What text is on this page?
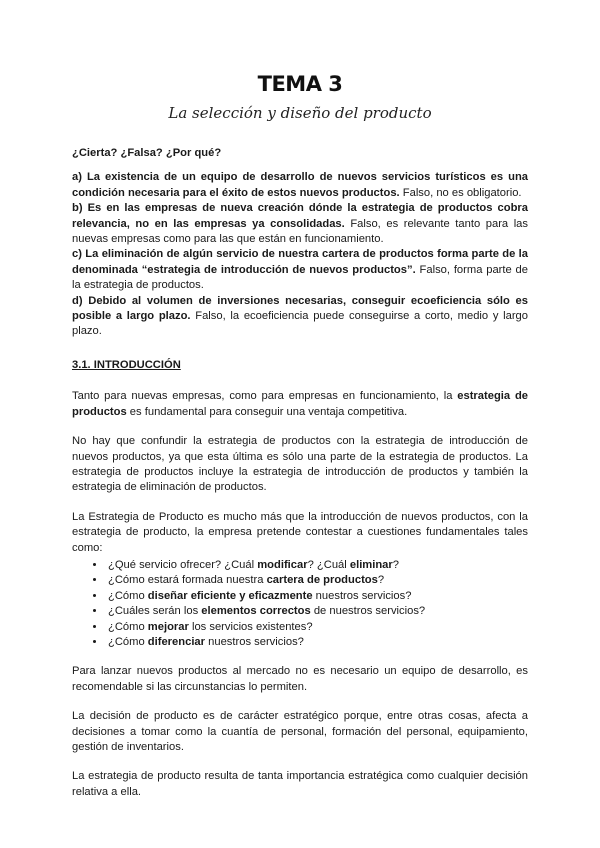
TEMA 3
La selección y diseño del producto

¿Cierta? ¿Falsa? ¿Por qué?

a) La existencia de un equipo de desarrollo de nuevos servicios turísticos es una condición necesaria para el éxito de estos nuevos productos. Falso, no es obligatorio.

b) Es en las empresas de nueva creación dónde la estrategia de productos cobra relevancia, no en las empresas ya consolidadas. Falso, es relevante tanto para las nuevas empresas como para las que están en funcionamiento.

c) La eliminación de algún servicio de nuestra cartera de productos forma parte de la denominada “estrategia de introducción de nuevos productos”. Falso, forma parte de la estrategia de productos.

d) Debido al volumen de inversiones necesarias, conseguir ecoeficiencia sólo es posible a largo plazo. Falso, la ecoeficiencia puede conseguirse a corto, medio y largo plazo.

3.1. INTRODUCCIÓN

Tanto para nuevas empresas, como para empresas en funcionamiento, la estrategia de productos es fundamental para conseguir una ventaja competitiva.

No hay que confundir la estrategia de productos con la estrategia de introducción de nuevos productos, ya que esta última es sólo una parte de la estrategia de productos. La estrategia de productos incluye la estrategia de introducción de productos y también la estrategia de eliminación de productos.

La Estrategia de Producto es mucho más que la introducción de nuevos productos, con la estrategia de producto, la empresa pretende contestar a cuestiones fundamentales tales como:

• ¿Qué servicio ofrecer? ¿Cuál modificar? ¿Cuál eliminar?
• ¿Cómo estará formada nuestra cartera de productos?
• ¿Cómo diseñar eficiente y eficazmente nuestros servicios?
• ¿Cuáles serán los elementos correctos de nuestros servicios?
• ¿Cómo mejorar los servicios existentes?
• ¿Cómo diferenciar nuestros servicios?

Para lanzar nuevos productos al mercado no es necesario un equipo de desarrollo, es recomendable si las circunstancias lo permiten.

La decisión de producto es de carácter estratégico porque, entre otras cosas, afecta a decisiones a tomar como la cuantía de personal, formación del personal, equipamiento, gestión de inventarios.

La estrategia de producto resulta de tanta importancia estratégica como cualquier decisión relativa a ella.
